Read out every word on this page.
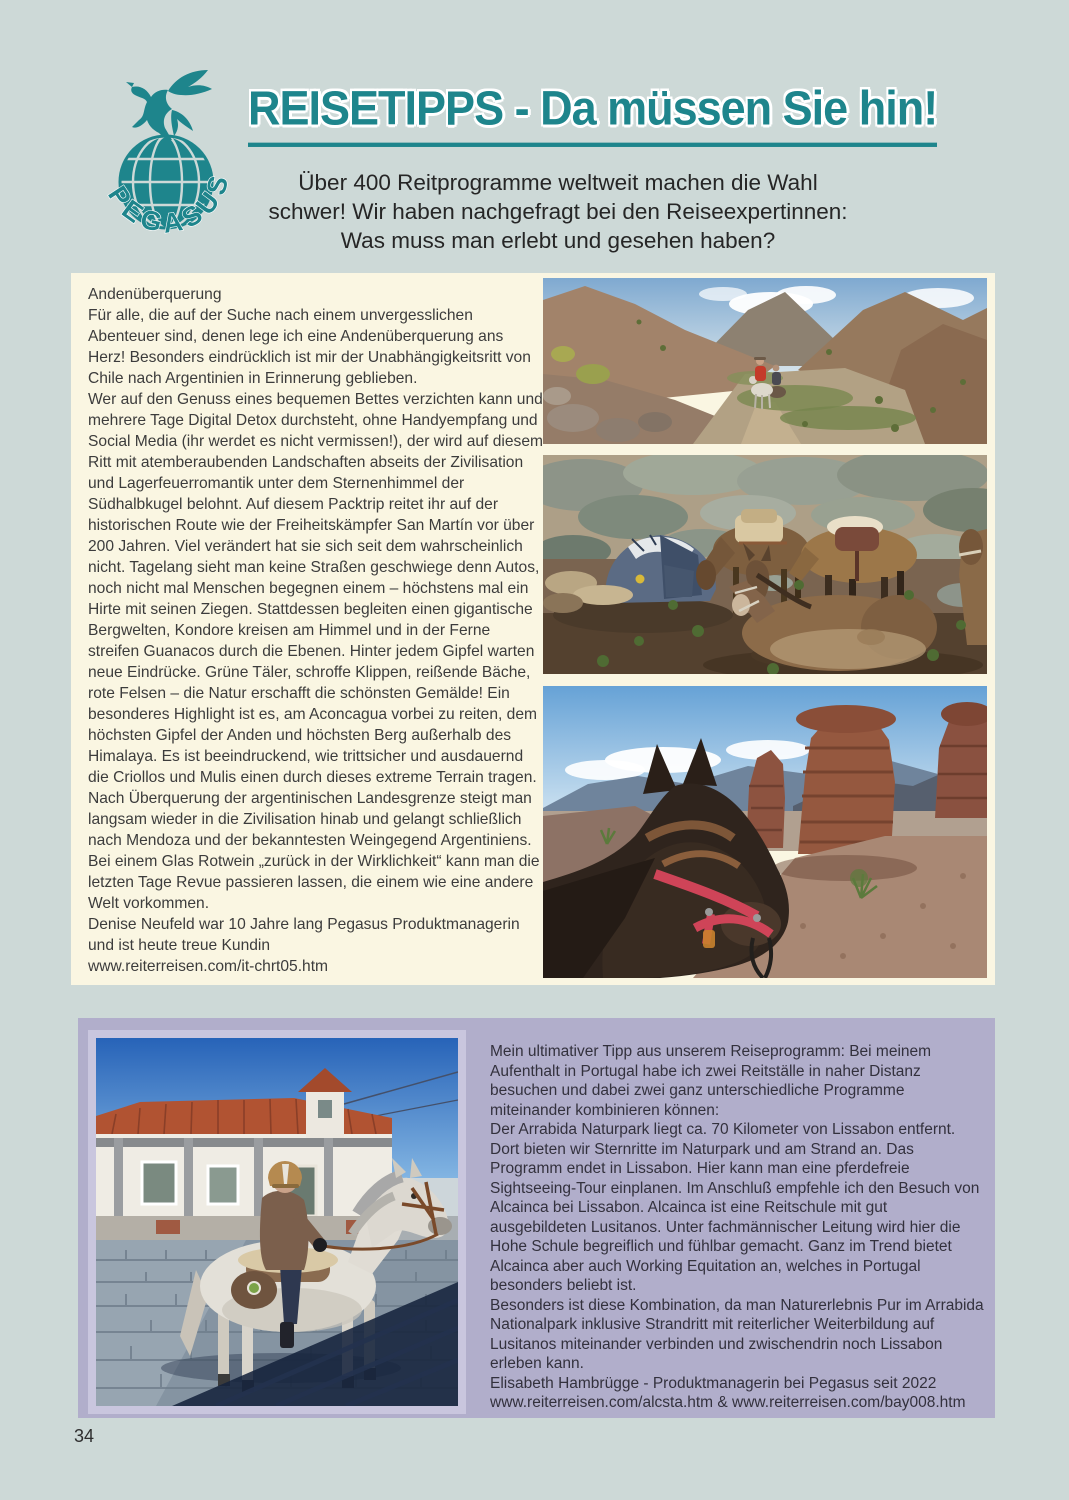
PEGASUS
REISETIPPS - Da müssen Sie hin!
Über 400 Reitprogramme weltweit machen die Wahl
schwer! Wir haben nachgefragt bei den Reiseexpertinnen:
Was muss man erlebt und gesehen haben?

Andenüberquerung

Für alle, die auf der Suche nach einem unvergesslichen Abenteuer sind, denen lege ich eine Andenüberquerung ans Herz! Besonders eindrücklich ist mir der Unabhängigkeitsritt von Chile nach Argentinien in Erinnerung geblieben.

Wer auf den Genuss eines bequemen Bettes verzichten kann und mehrere Tage Digital Detox durchsteht, ohne Handyempfang und Social Media (ihr werdet es nicht vermissen!), der wird auf diesem Ritt mit atemberaubenden Landschaften abseits der Zivilisation und Lagerfeuerromantik unter dem Sternenhimmel der Südhalbkugel belohnt. Auf diesem Packtrip reitet ihr auf der historischen Route wie der Freiheitskämpfer San Martín vor über 200 Jahren. Viel verändert hat sie sich seit dem wahrscheinlich nicht. Tagelang sieht man keine Straßen geschwiege denn Autos, noch nicht mal Menschen begegnen einem – höchstens mal ein Hirte mit seinen Ziegen. Stattdessen begleiten einen gigantische Bergwelten, Kondore kreisen am Himmel und in der Ferne streifen Guanacos durch die Ebenen. Hinter jedem Gipfel warten neue Eindrücke. Grüne Täler, schroffe Klippen, reißende Bäche, rote Felsen – die Natur erschafft die schönsten Gemälde! Ein besonderes Highlight ist es, am Aconcagua vorbei zu reiten, dem höchsten Gipfel der Anden und höchsten Berg außerhalb des Himalaya. Es ist beeindruckend, wie trittsicher und ausdauernd die Criollos und Mulis einen durch dieses extreme Terrain tragen. Nach Überquerung der argentinischen Landesgrenze steigt man langsam wieder in die Zivilisation hinab und gelangt schließlich nach Mendoza und der bekanntesten Weingegend Argentiniens. Bei einem Glas Rotwein „zurück in der Wirklichkeit“ kann man die letzten Tage Revue passieren lassen, die einem wie eine andere Welt vorkommen.

Denise Neufeld war 10 Jahre lang Pegasus Produktmanagerin und ist heute treue Kundin

www.reiterreisen.com/it-chrt05.htm

Mein ultimativer Tipp aus unserem Reiseprogramm: Bei meinem Aufenthalt in Portugal habe ich zwei Reitställe in naher Distanz besuchen und dabei zwei ganz unterschiedliche Programme miteinander kombinieren können:

Der Arrabida Naturpark liegt ca. 70 Kilometer von Lissabon entfernt. Dort bieten wir Sternritte im Naturpark und am Strand an. Das Programm endet in Lissabon. Hier kann man eine pferdefreie Sightseeing-Tour einplanen. Im Anschluß empfehle ich den Besuch von Alcainca bei Lissabon. Alcainca ist eine Reitschule mit gut ausgebildeten Lusitanos. Unter fachmännischer Leitung wird hier die Hohe Schule begreiflich und fühlbar gemacht. Ganz im Trend bietet Alcainca aber auch Working Equitation an, welches in Portugal besonders beliebt ist.

Besonders ist diese Kombination, da man Naturerlebnis Pur im Arrabida Nationalpark inklusive Strandritt mit reiterlicher Weiterbildung auf Lusitanos miteinander verbinden und zwischendrin noch Lissabon erleben kann.

Elisabeth Hambrügge - Produktmanagerin bei Pegasus seit 2022

www.reiterreisen.com/alcsta.htm & www.reiterreisen.com/bay008.htm

34
